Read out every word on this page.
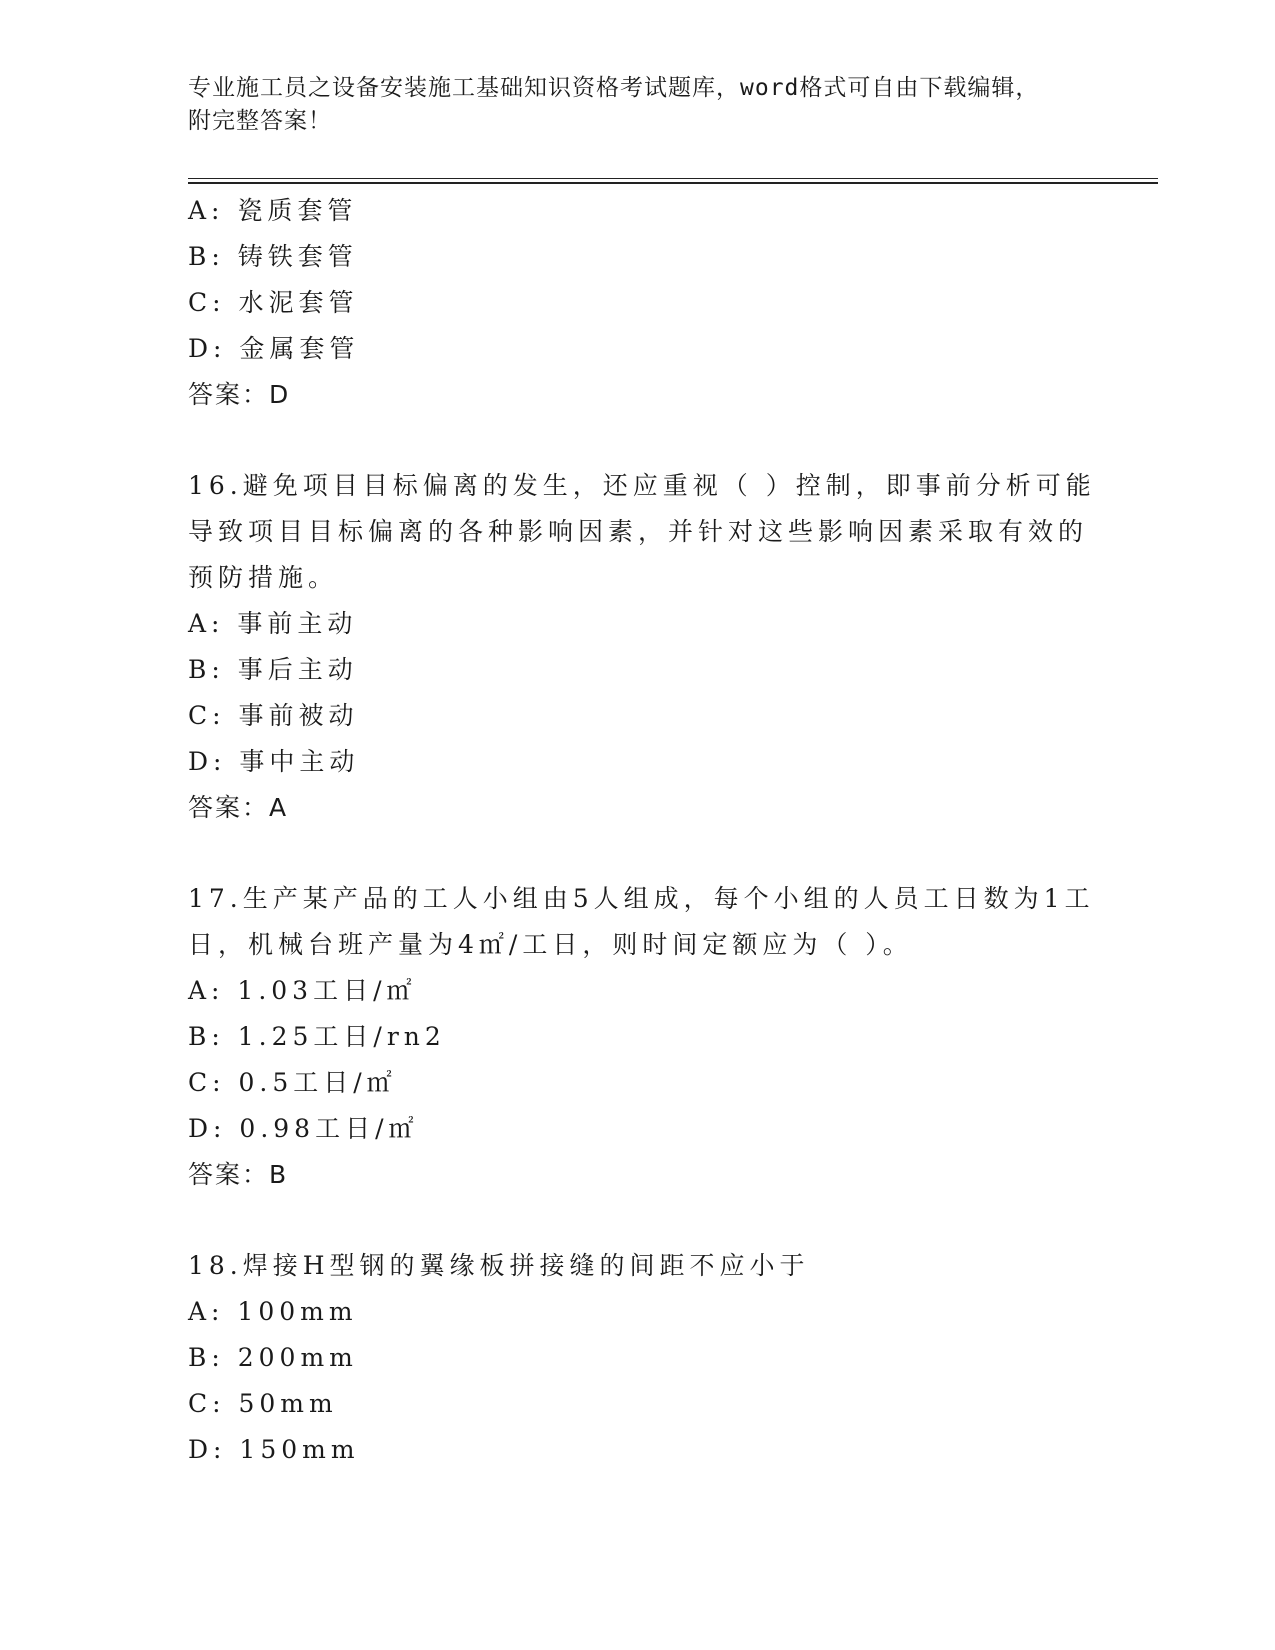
专业施工员之设备安装施工基础知识资格考试题库，word格式可自由下载编辑，
附完整答案！
A: 瓷质套管
B: 铸铁套管
C: 水泥套管
D: 金属套管
答案：D
16.避免项目目标偏离的发生，还应重视（ ）控制，即事前分析可能
导致项目目标偏离的各种影响因素，并针对这些影响因素采取有效的
预防措施。
A: 事前主动
B: 事后主动
C: 事前被动
D: 事中主动
答案：A
17.生产某产品的工人小组由5人组成，每个小组的人员工日数为1工
日，机械台班产量为4㎡/工日，则时间定额应为（ ）。
A: 1.03工日/㎡
B: 1.25工日/rn2
C: 0.5工日/㎡
D: 0.98工日/㎡
答案：B
18.焊接H型钢的翼缘板拼接缝的间距不应小于
A: 100mm
B: 200mm
C: 50mm
D: 150mm
